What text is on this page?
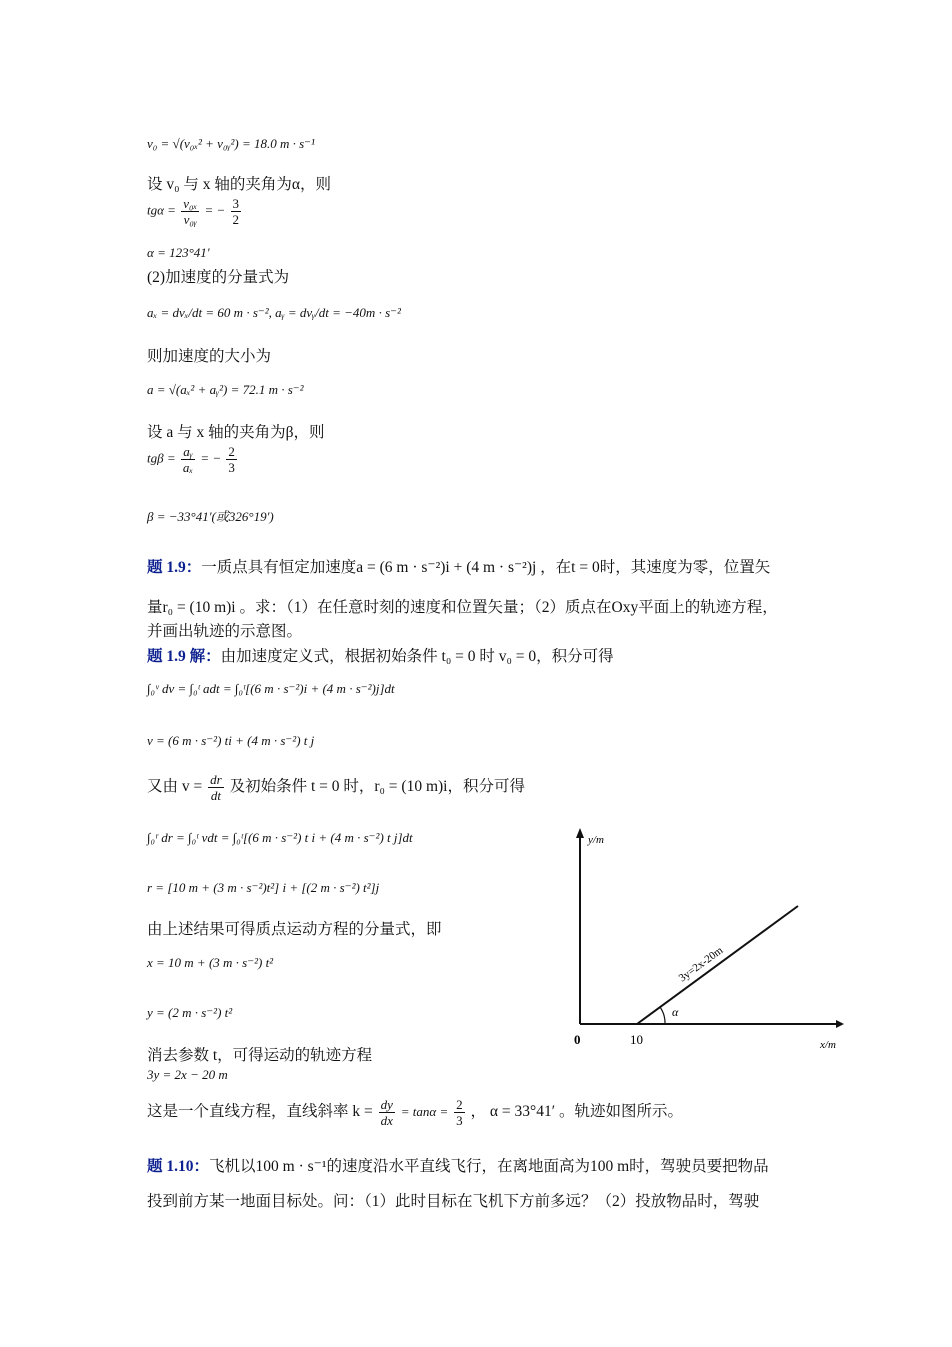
v₀ = √(v₀ₓ² + v₀ᵧ²) = 18.0 m · s⁻¹
设 v₀ 与 x 轴的夹角为α，则
$tg\alpha = \frac{\text{v₀ₓ}}{\text{v₀ᵧ}}$ = − $\frac{3}{2}$
α = 123°41′
(2)加速度的分量式为
aₓ = dvₓ/dt = 60 m · s⁻², aᵧ = dvᵧ/dt = −40m · s⁻²
则加速度的大小为
a = √(aₓ² + aᵧ²) = 72.1 m · s⁻²
设 a 与 x 轴的夹角为β，则
$tg\beta = \frac{\text{aᵧ}}{\text{aₓ}}$ = − $\frac{2}{3}$
β = −33°41′(或326°19′)
题 1.9：一质点具有恒定加速度a = (6 m · s⁻²)i + (4 m · s⁻²)j ，在t = 0时，其速度为零，位置矢
量r₀ = (10 m)i 。求：（1）在任意时刻的速度和位置矢量；（2）质点在Oxy平面上的轨迹方程，
并画出轨迹的示意图。
题 1.9 解：由加速度定义式，根据初始条件 t₀ = 0 时 v₀ = 0，积分可得
∫₀ᵛ dv = ∫₀ᵗ adt = ∫₀ᵗ[(6 m · s⁻²)i + (4 m · s⁻²)j]dt
v = (6 m · s⁻²) ti + (4 m · s⁻²) t j
又由 $v = \frac{dr}{dt}$ 及初始条件 t = 0 时，r₀ = (10 m)i，积分可得
∫₀ʳ dr = ∫₀ᵗ vdt = ∫₀ᵗ[(6 m · s⁻²) t i + (4 m · s⁻²) t j]dt
r = [10 m + (3 m · s⁻²)t²] i + [(2 m · s⁻²) t²]j
由上述结果可得质点运动方程的分量式，即
x = 10 m + (3 m · s⁻²) t²
y = (2 m · s⁻²) t²
消去参数 t，可得运动的轨迹方程
3y = 2x − 20 m
这是一个直线方程，直线斜率 $k = \frac{dy}{dx} = \tan\alpha = \frac{2}{3}$ ， α = 33°41′ 。轨迹如图所示。
题 1.10：飞机以100 m · s⁻¹的速度沿水平直线飞行，在离地面高为100 m时，驾驶员要把物品
投到前方某一地面目标处。问：（1）此时目标在飞机下方前多远？（2）投放物品时，驾驶
y/m
x/m
0	10
α
3y=2x-20m
